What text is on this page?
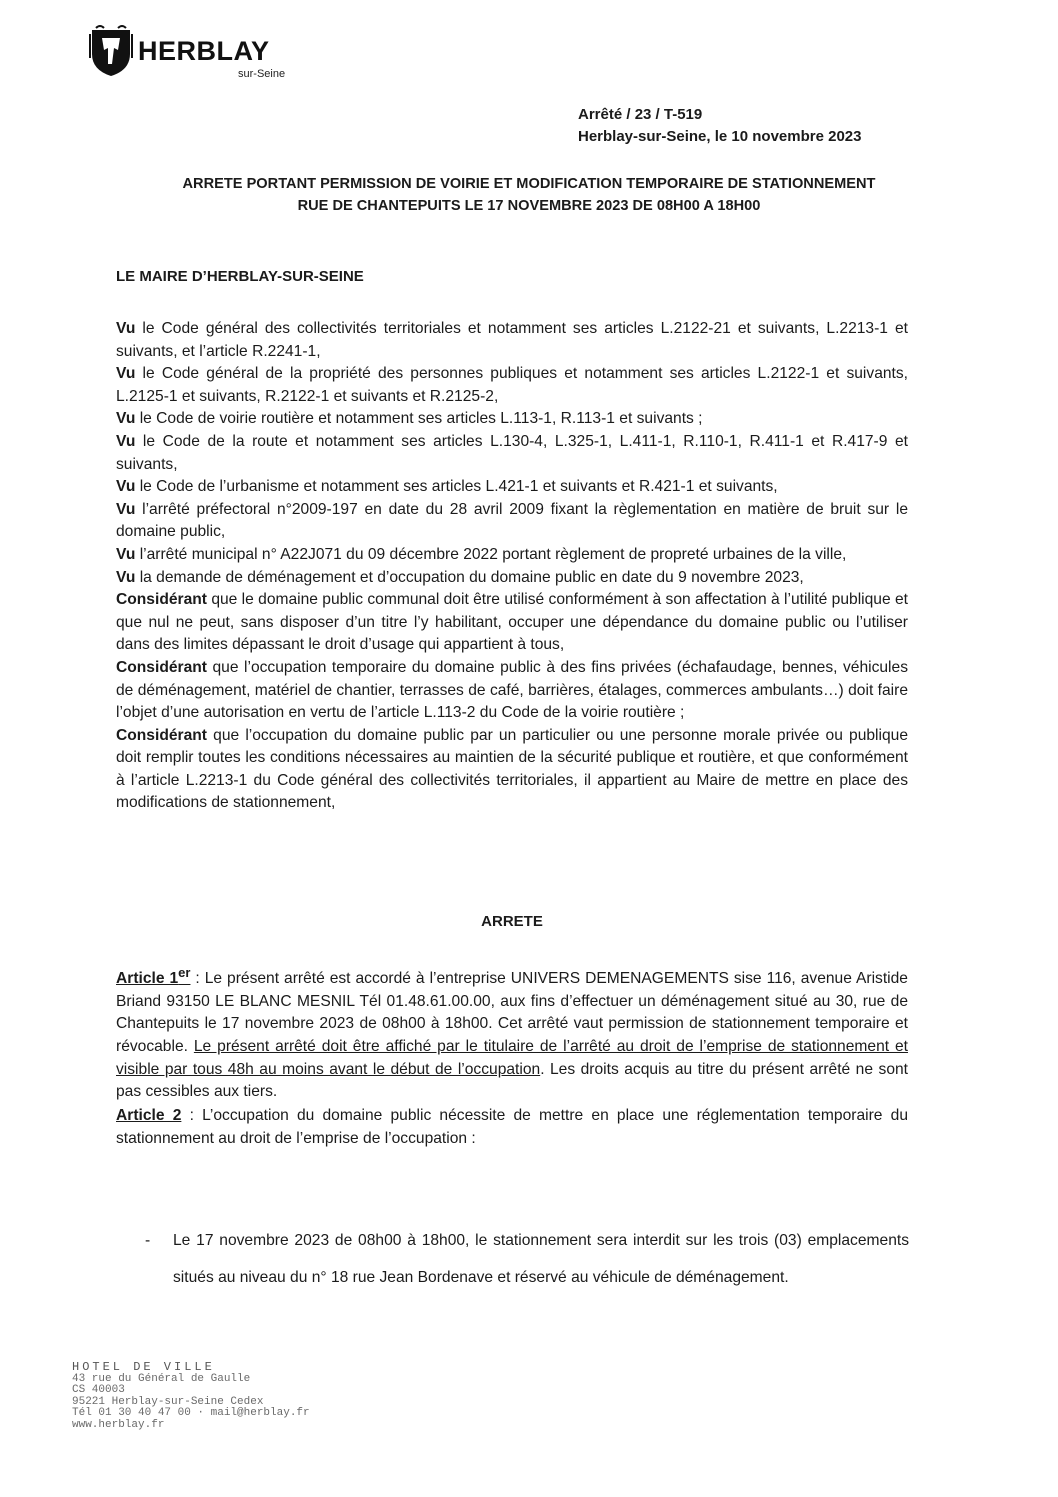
HERBLAY
sur-Seine
Arrêté / 23 / T-519
Herblay-sur-Seine, le 10 novembre 2023
ARRETE PORTANT PERMISSION DE VOIRIE ET MODIFICATION TEMPORAIRE DE STATIONNEMENT
RUE DE CHANTEPUITS LE 17 NOVEMBRE 2023 DE 08H00 A 18H00
LE MAIRE D’HERBLAY-SUR-SEINE

Vu le Code général des collectivités territoriales et notamment ses articles L.2122-21 et suivants, L.2213-1 et suivants, et l’article R.2241-1,

Vu le Code général de la propriété des personnes publiques et notamment ses articles L.2122-1 et suivants, L.2125-1 et suivants, R.2122-1 et suivants et R.2125-2,

Vu le Code de voirie routière et notamment ses articles L.113-1, R.113-1 et suivants ;

Vu le Code de la route et notamment ses articles L.130-4, L.325-1, L.411-1, R.110-1, R.411-1 et R.417-9 et suivants,

Vu le Code de l’urbanisme et notamment ses articles L.421-1 et suivants et R.421-1 et suivants,

Vu l’arrêté préfectoral n°2009-197 en date du 28 avril 2009 fixant la règlementation en matière de bruit sur le domaine public,

Vu l’arrêté municipal n° A22J071 du 09 décembre 2022 portant règlement de propreté urbaines de la ville,

Vu la demande de déménagement et d’occupation du domaine public en date du 9 novembre 2023,

Considérant que le domaine public communal doit être utilisé conformément à son affectation à l’utilité publique et que nul ne peut, sans disposer d’un titre l’y habilitant, occuper une dépendance du domaine public ou l’utiliser dans des limites dépassant le droit d’usage qui appartient à tous,

Considérant que l’occupation temporaire du domaine public à des fins privées (échafaudage, bennes, véhicules de déménagement, matériel de chantier, terrasses de café, barrières, étalages, commerces ambulants…) doit faire l’objet d’une autorisation en vertu de l’article L.113-2 du Code de la voirie routière ;

Considérant que l’occupation du domaine public par un particulier ou une personne morale privée ou publique doit remplir toutes les conditions nécessaires au maintien de la sécurité publique et routière, et que conformément à l’article L.2213-1 du Code général des collectivités territoriales, il appartient au Maire de mettre en place des modifications de stationnement,

ARRETE

Article 1er : Le présent arrêté est accordé à l’entreprise UNIVERS DEMENAGEMENTS sise 116, avenue Aristide Briand 93150 LE BLANC MESNIL Tél 01.48.61.00.00, aux fins d’effectuer un déménagement situé au 30, rue de Chantepuits le 17 novembre 2023 de 08h00 à 18h00. Cet arrêté vaut permission de stationnement temporaire et révocable. Le présent arrêté doit être affiché par le titulaire de l’arrêté au droit de l’emprise de stationnement et visible par tous 48h au moins avant le début de l’occupation. Les droits acquis au titre du présent arrêté ne sont pas cessibles aux tiers.

Article 2 : L’occupation du domaine public nécessite de mettre en place une réglementation temporaire du stationnement au droit de l’emprise de l’occupation :

- Le 17 novembre 2023 de 08h00 à 18h00, le stationnement sera interdit sur les trois (03) emplacements situés au niveau du n° 18 rue Jean Bordenave et réservé au véhicule de déménagement.
HOTEL DE VILLE
43 rue du Général de Gaulle
CS 40003
95221 Herblay-sur-Seine Cedex
Tél 01 30 40 47 00 · mail@herblay.fr
www.herblay.fr
